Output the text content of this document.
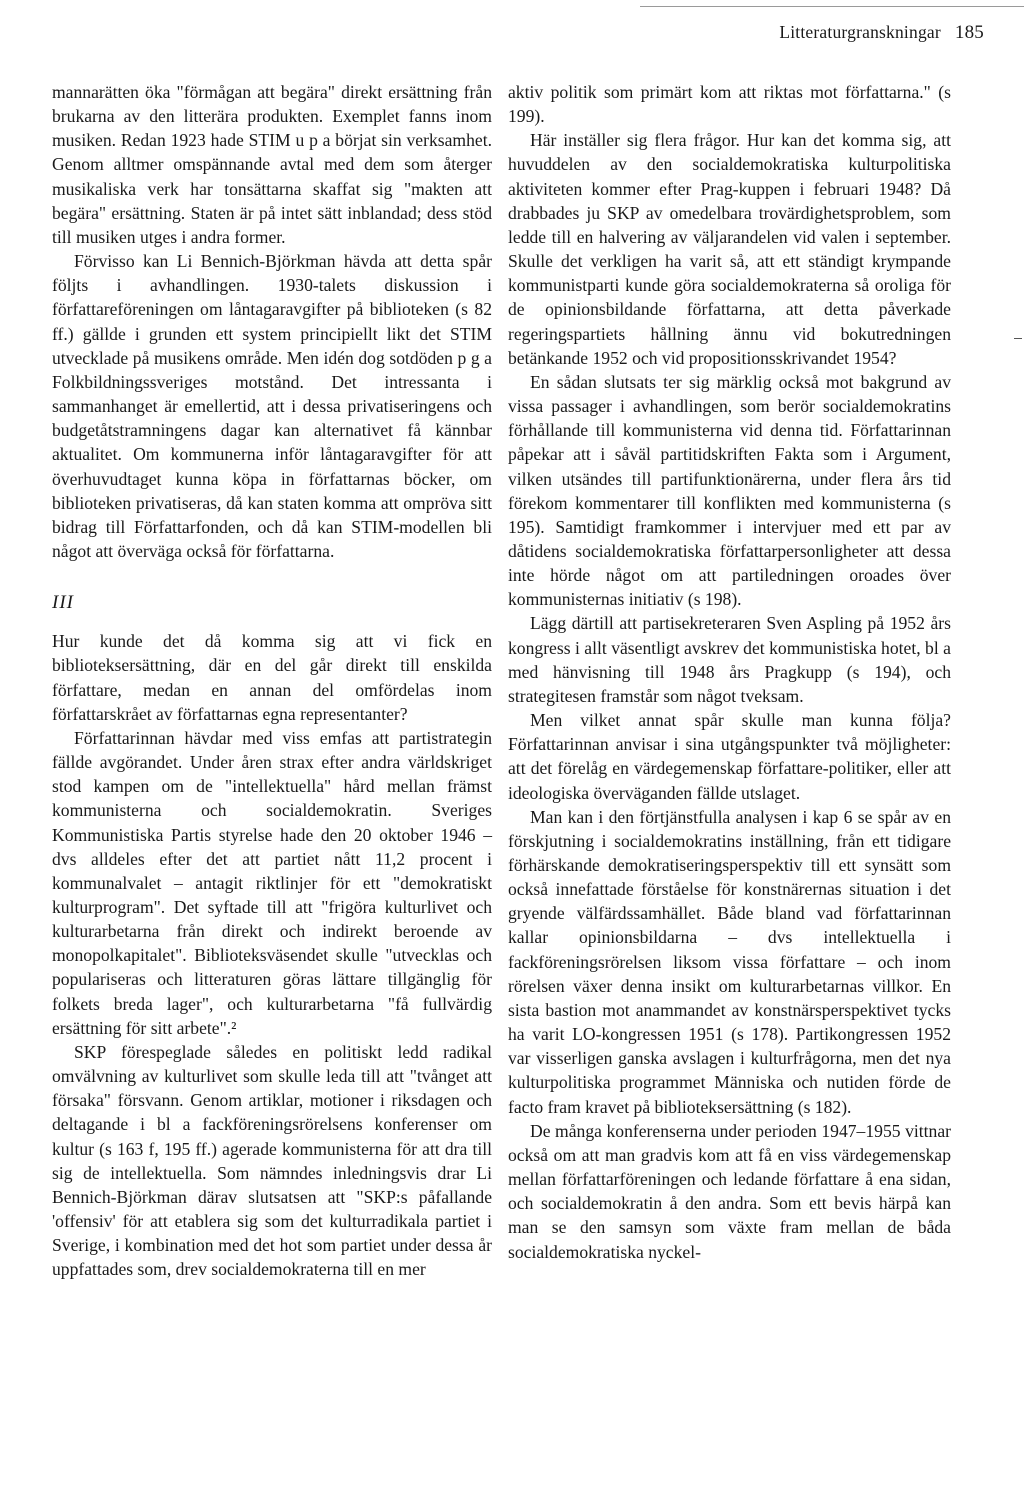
Litteraturgranskningar 185

mannarätten öka "förmågan att begära" direkt ersättning från brukarna av den litterära produkten. Exemplet fanns inom musiken. Redan 1923 hade STIM u p a börjat sin verksamhet. Genom alltmer omspännande avtal med dem som återger musikaliska verk har tonsättarna skaffat sig "makten att begära" ersättning. Staten är på intet sätt inblandad; dess stöd till musiken utges i andra former.

Förvisso kan Li Bennich-Björkman hävda att detta spår följts i avhandlingen. 1930-talets diskussion i författareföreningen om låntagaravgifter på biblioteken (s 82 ff.) gällde i grunden ett system principiellt likt det STIM utvecklade på musikens område. Men idén dog sotdöden p g a Folkbildningssveriges motstånd. Det intressanta i sammanhanget är emellertid, att i dessa privatiseringens och budgetåtstramningens dagar kan alternativet få kännbar aktualitet. Om kommunerna inför låntagaravgifter för att överhuvudtaget kunna köpa in författarnas böcker, om biblioteken privatiseras, då kan staten komma att ompröva sitt bidrag till Författarfonden, och då kan STIM-modellen bli något att överväga också för författarna.

III

Hur kunde det då komma sig att vi fick en biblioteksersättning, där en del går direkt till enskilda författare, medan en annan del omfördelas inom författarskrået av författarnas egna representanter?

Författarinnan hävdar med viss emfas att partistrategin fällde avgörandet. Under åren strax efter andra världskriget stod kampen om de "intellektuella" hård mellan främst kommunisterna och socialdemokratin. Sveriges Kommunistiska Partis styrelse hade den 20 oktober 1946 – dvs alldeles efter det att partiet nått 11,2 procent i kommunalvalet – antagit riktlinjer för ett "demokratiskt kulturprogram". Det syftade till att "frigöra kulturlivet och kulturarbetarna från direkt och indirekt beroende av monopolkapitalet". Biblioteksväsendet skulle "utvecklas och populariseras och litteraturen göras lättare tillgänglig för folkets breda lager", och kulturarbetarna "få fullvärdig ersättning för sitt arbete".²

SKP förespeglade således en politiskt ledd radikal omvälvning av kulturlivet som skulle leda till att "tvånget att försaka" försvann. Genom artiklar, motioner i riksdagen och deltagande i bl a fackföreningsrörelsens konferenser om kultur (s 163 f, 195 ff.) agerade kommunisterna för att dra till sig de intellektuella. Som nämndes inledningsvis drar Li Bennich-Björkman därav slutsatsen att "SKP:s påfallande 'offensiv' för att etablera sig som det kulturradikala partiet i Sverige, i kombination med det hot som partiet under dessa år uppfattades som, drev socialdemokraterna till en mer

aktiv politik som primärt kom att riktas mot författarna." (s 199).

Här inställer sig flera frågor. Hur kan det komma sig, att huvuddelen av den socialdemokratiska kulturpolitiska aktiviteten kommer efter Prag-kuppen i februari 1948? Då drabbades ju SKP av omedelbara trovärdighetsproblem, som ledde till en halvering av väljarandelen vid valen i september. Skulle det verkligen ha varit så, att ett ständigt krympande kommunistparti kunde göra socialdemokraterna så oroliga för de opinionsbildande författarna, att detta påverkade regeringspartiets hållning ännu vid bokutredningen betänkande 1952 och vid propositionsskrivandet 1954?

En sådan slutsats ter sig märklig också mot bakgrund av vissa passager i avhandlingen, som berör socialdemokratins förhållande till kommunisterna vid denna tid. Författarinnan påpekar att i såväl partitidskriften Fakta som i Argument, vilken utsändes till partifunktionärerna, under flera års tid förekom kommentarer till konflikten med kommunisterna (s 195). Samtidigt framkommer i intervjuer med ett par av dåtidens socialdemokratiska författarpersonligheter att dessa inte hörde något om att partiledningen oroades över kommunisternas initiativ (s 198).

Lägg därtill att partisekreteraren Sven Aspling på 1952 års kongress i allt väsentligt avskrev det kommunistiska hotet, bl a med hänvisning till 1948 års Pragkupp (s 194), och strategitesen framstår som något tveksam.

Men vilket annat spår skulle man kunna följa? Författarinnan anvisar i sina utgångspunkter två möjligheter: att det förelåg en värdegemenskap författare-politiker, eller att ideologiska överväganden fällde utslaget.

Man kan i den förtjänstfulla analysen i kap 6 se spår av en förskjutning i socialdemokratins inställning, från ett tidigare förhärskande demokratiseringsperspektiv till ett synsätt som också innefattade förståelse för konstnärernas situation i det gryende välfärdssamhället. Både bland vad författarinnan kallar opinionsbildarna – dvs intellektuella i fackföreningsrörelsen liksom vissa författare – och inom rörelsen växer denna insikt om kulturarbetarnas villkor. En sista bastion mot anammandet av konstnärsperspektivet tycks ha varit LO-kongressen 1951 (s 178). Partikongressen 1952 var visserligen ganska avslagen i kulturfrågorna, men det nya kulturpolitiska programmet Människa och nutiden förde de facto fram kravet på biblioteksersättning (s 182).

De många konferenserna under perioden 1947–1955 vittnar också om att man gradvis kom att få en viss värdegemenskap mellan författarföreningen och ledande författare å ena sidan, och socialdemokratin å den andra. Som ett bevis härpå kan man se den samsyn som växte fram mellan de båda socialdemokratiska nyckel-
